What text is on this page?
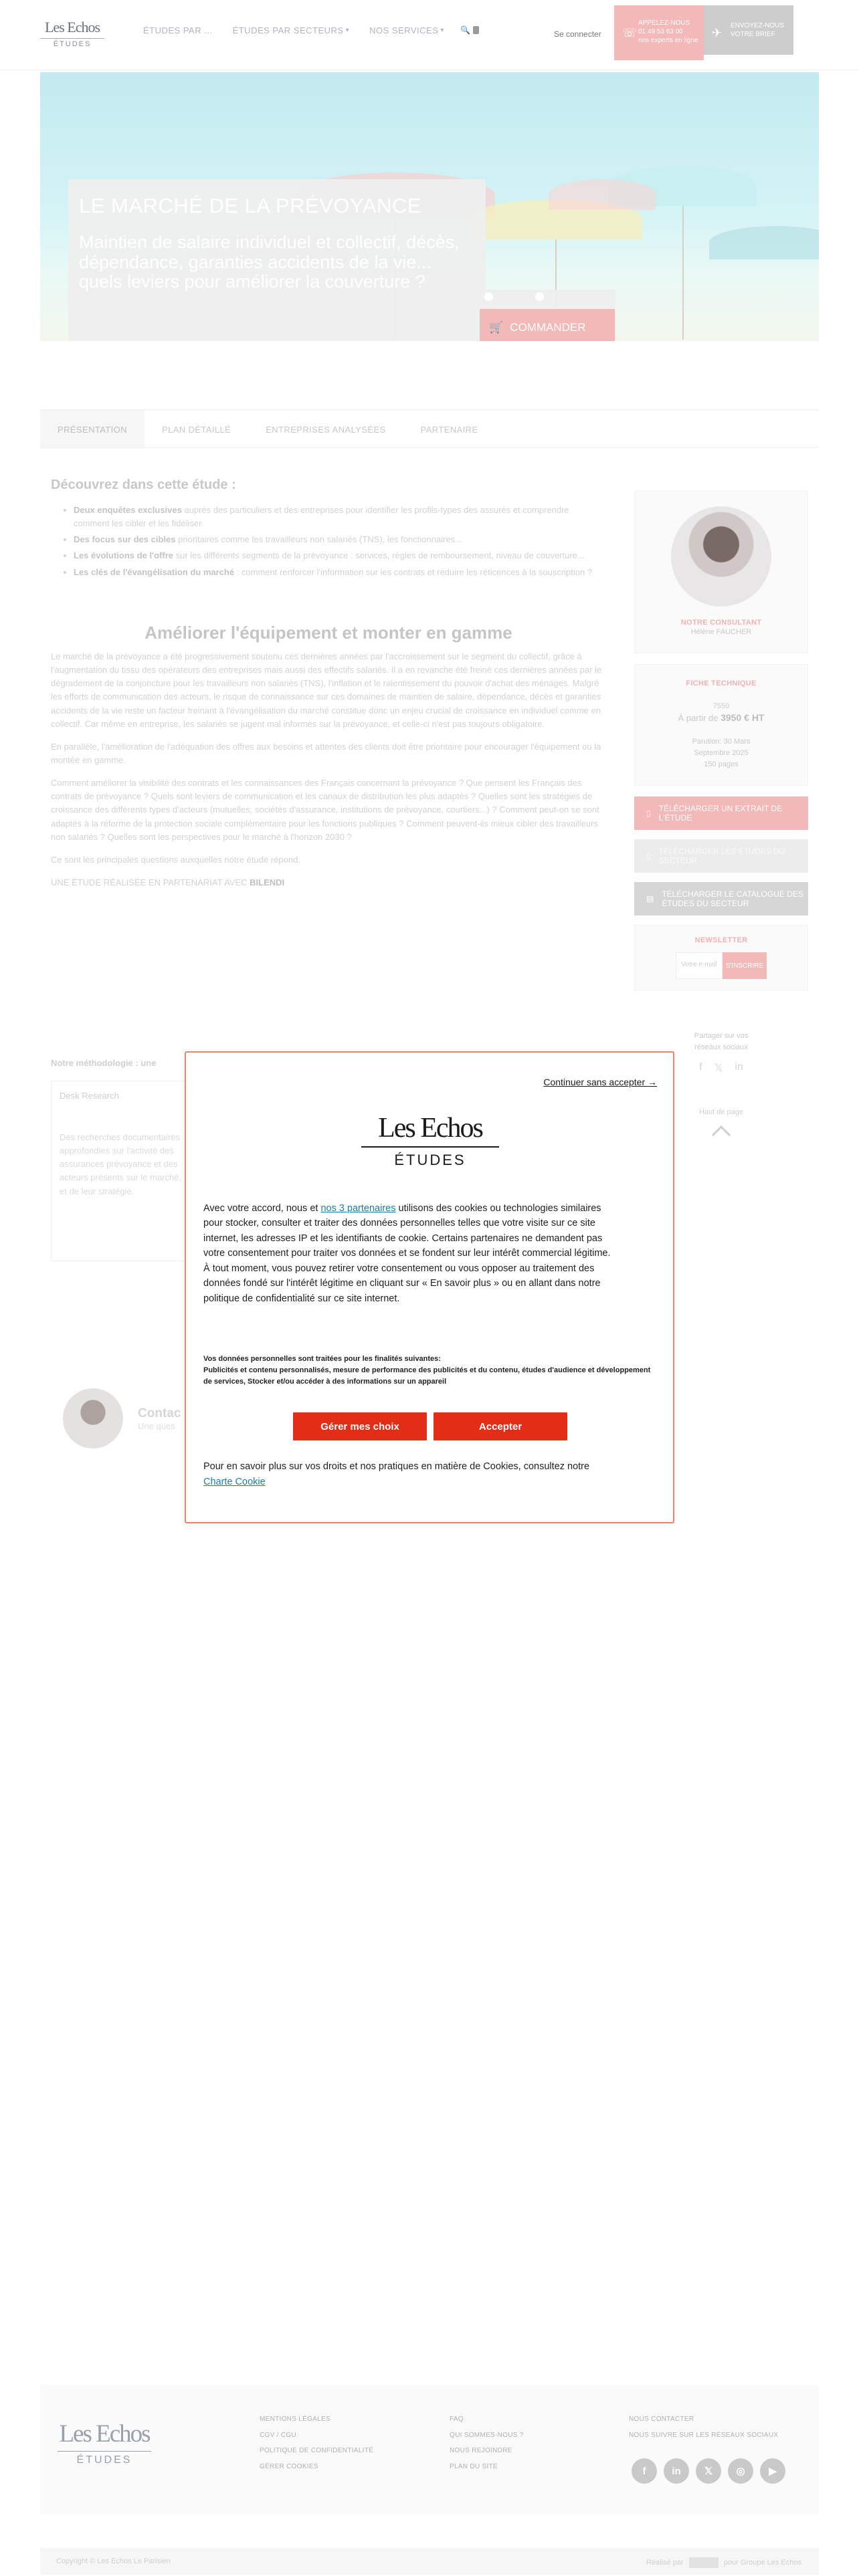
Les Echos
ÉTUDES
ÉTUDES PAR ... ÉTUDES PAR SECTEURS ▾ NOS SERVICES ▾ 🔍	Se connecter ☏
APPELEZ-NOUS
01 49 53 63 00
nos experts en ligne
✈
ENVOYEZ-NOUS
VOTRE BRIEF
LE MARCHÉ DE LA PRÉVOYANCE
Maintien de salaire individuel et collectif, décès, dépendance, garanties accidents de la vie... quels leviers pour améliorer la couverture ?
🛒 COMMANDER
PRÉSENTATION	PLAN DÉTAILLÉ	ENTREPRISES ANALYSÉES	PARTENAIRE
Découvrez dans cette étude :
• Deux enquêtes exclusives auprès des particuliers et des entreprises pour identifier les profils-types des assurés et comprendre comment les cibler et les fidéliser
• Des focus sur des cibles prioritaires comme les travailleurs non salariés (TNS), les fonctionnaires...
• Les évolutions de l'offre sur les différents segments de la prévoyance : services, règles de remboursement, niveau de couverture...
• Les clés de l'évangélisation du marché : comment renforcer l'information sur les contrats et réduire les réticences à la souscription ?
Améliorer l'équipement et monter en gamme

Le marché de la prévoyance a été progressivement soutenu ces dernières années par l'accroissement sur le segment du collectif, grâce à l'augmentation du tissu des opérateurs des entreprises mais aussi des effectifs salariés. Il a en revanche été freiné ces dernières années par le dégradement de la conjoncture pour les travailleurs non salariés (TNS), l'inflation et le ralentissement du pouvoir d'achat des ménages. Malgré les efforts de communication des acteurs, le risque de connaissance sur ces domaines de maintien de salaire, dépendance, décès et garanties accidents de la vie reste un facteur freinant à l'évangélisation du marché constitue donc un enjeu crucial de croissance en individuel comme en collectif. Car même en entreprise, les salariés se jugent mal informés sur la prévoyance, et celle-ci n'est pas toujours obligatoire.

En parallèle, l'amélioration de l'adéquation des offres aux besoins et attentes des clients doit être prioritaire pour encourager l'équipement ou la montée en gamme.

Comment améliorer la visibilité des contrats et les connaissances des Français concernant la prévoyance ? Que pensent les Français des contrats de prévoyance ? Quels sont leviers de communication et les canaux de distribution les plus adaptés ? Quelles sont les stratégies de croissance des différents types d'acteurs (mutuelles, sociétés d'assurance, institutions de prévoyance, courtiers...) ? Comment peut-on se sont adaptés à la réforme de la protection sociale complémentaire pour les fonctions publiques ? Comment peuvent-ils mieux cibler des travailleurs non salariés ? Quelles sont les perspectives pour le marché à l'horizon 2030 ?

Ce sont les principales questions auxquelles notre étude répond.

UNE ÉTUDE RÉALISÉE EN PARTENARIAT AVEC BILENDI

Notre méthodologie : une
Desk Research
Des recherches documentaires approfondies sur l'activité des assurances prévoyance et des acteurs présents sur le marché, et de leur stratégie.
Contac
Une ques
NOTRE CONSULTANT
Hélène FAUCHER
FICHE TECHNIQUE
7550
À partir de 3950 € HT
Parution: 30 Mars
Septembre 2025
150 pages
▯
TÉLÉCHARGER UN EXTRAIT DE L'ÉTUDE
▯
TÉLÉCHARGER LES ÉTUDES DU SECTEUR
▤
TÉLÉCHARGER LE CATALOGUE DES ÉTUDES DU SECTEUR
NEWSLETTER
Votre e-mail	S'INSCRIRE
Partager sur vos réseaux sociaux
f 𝕏 in
Haut de page
Les Echos
ÉTUDES
MENTIONS LÉGALES
CGV / CGU
POLITIQUE DE CONFIDENTIALITÉ
GÉRER COOKIES
FAQ
QUI SOMMES-NOUS ?
NOUS REJOINDRE
PLAN DU SITE
NOUS CONTACTER
NOUS SUIVRE SUR LES RÉSEAUX SOCIAUX
f	in	𝕏	◎	▶
Copyright © Les Echos Le Parisien	Réalisé par	pour Groupe Les Echos
Continuer sans accepter →
Les Echos
ÉTUDES
Avec votre accord, nous et nos 3 partenaires utilisons des cookies ou technologies similaires pour stocker, consulter et traiter des données personnelles telles que votre visite sur ce site internet, les adresses IP et les identifiants de cookie. Certains partenaires ne demandent pas votre consentement pour traiter vos données et se fondent sur leur intérêt commercial légitime. À tout moment, vous pouvez retirer votre consentement ou vous opposer au traitement des données fondé sur l'intérêt légitime en cliquant sur « En savoir plus » ou en allant dans notre politique de confidentialité sur ce site internet.
Vos données personnelles sont traitées pour les finalités suivantes:
Publicités et contenu personnalisés, mesure de performance des publicités et du contenu, études d'audience et développement de services, Stocker et/ou accéder à des informations sur un appareil
Gérer mes choix	Accepter
Pour en savoir plus sur vos droits et nos pratiques en matière de Cookies, consultez notre Charte Cookie
